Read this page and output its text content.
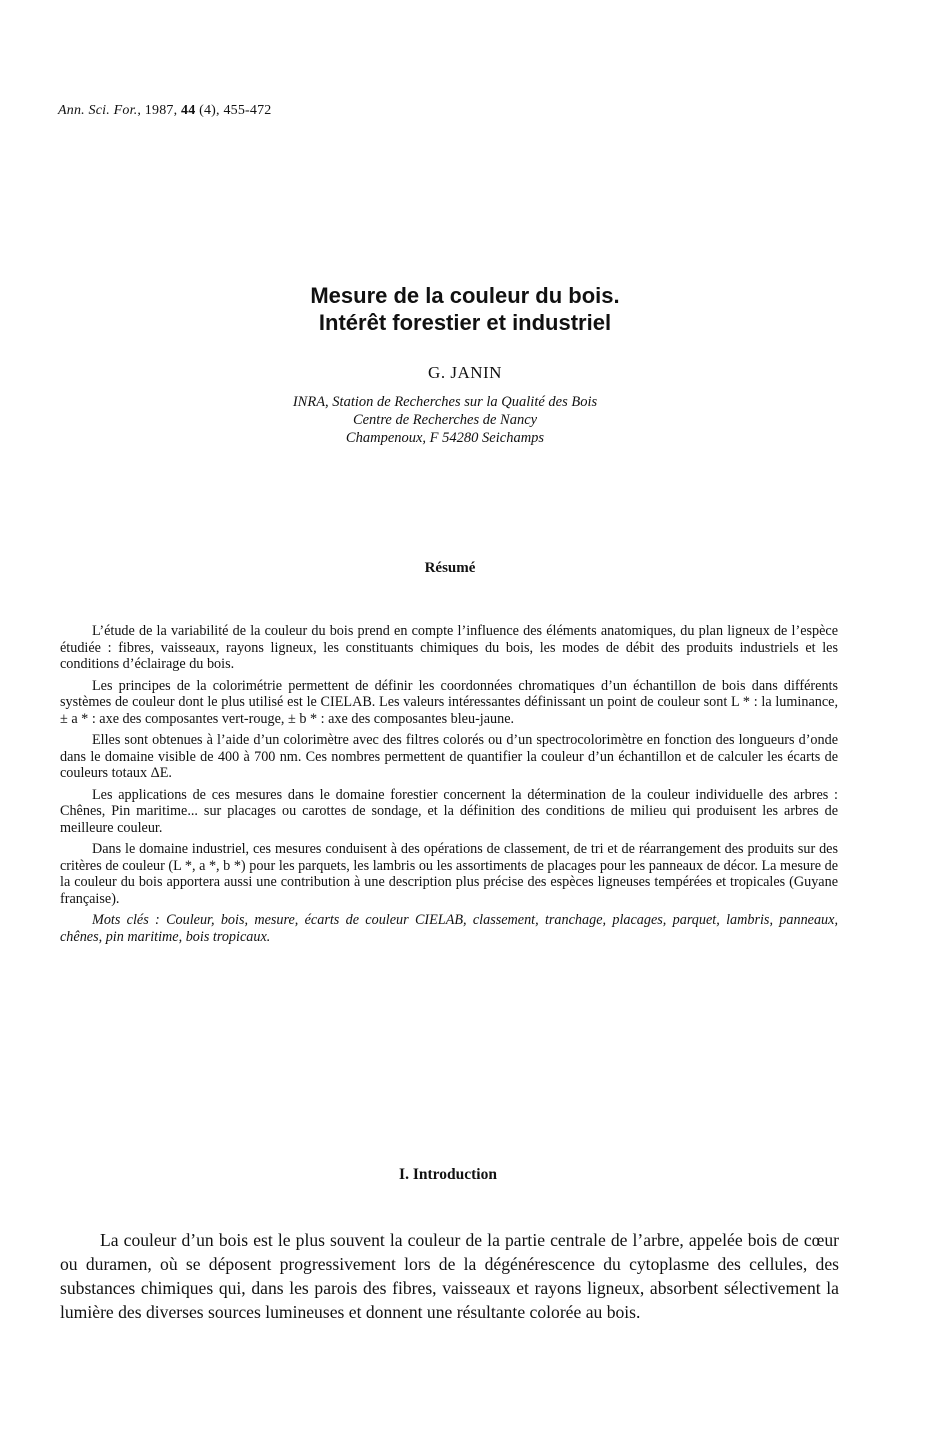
Ann. Sci. For., 1987, 44 (4), 455-472
Mesure de la couleur du bois.
Intérêt forestier et industriel
G. JANIN
INRA, Station de Recherches sur la Qualité des Bois
Centre de Recherches de Nancy
Champenoux, F 54280 Seichamps
Résumé

L’étude de la variabilité de la couleur du bois prend en compte l’influence des éléments anatomiques, du plan ligneux de l’espèce étudiée : fibres, vaisseaux, rayons ligneux, les constituants chimiques du bois, les modes de débit des produits industriels et les conditions d’éclairage du bois.

Les principes de la colorimétrie permettent de définir les coordonnées chromatiques d’un échantillon de bois dans différents systèmes de couleur dont le plus utilisé est le CIELAB. Les valeurs intéressantes définissant un point de couleur sont L * : la luminance, ± a * : axe des composantes vert-rouge, ± b * : axe des composantes bleu-jaune.

Elles sont obtenues à l’aide d’un colorimètre avec des filtres colorés ou d’un spectrocolorimètre en fonction des longueurs d’onde dans le domaine visible de 400 à 700 nm. Ces nombres permettent de quantifier la couleur d’un échantillon et de calculer les écarts de couleurs totaux ΔE.

Les applications de ces mesures dans le domaine forestier concernent la détermination de la couleur individuelle des arbres : Chênes, Pin maritime... sur placages ou carottes de sondage, et la définition des conditions de milieu qui produisent les arbres de meilleure couleur.

Dans le domaine industriel, ces mesures conduisent à des opérations de classement, de tri et de réarrangement des produits sur des critères de couleur (L *, a *, b *) pour les parquets, les lambris ou les assortiments de placages pour les panneaux de décor. La mesure de la couleur du bois apportera aussi une contribution à une description plus précise des espèces ligneuses tempérées et tropicales (Guyane française).

Mots clés : Couleur, bois, mesure, écarts de couleur CIELAB, classement, tranchage, placages, parquet, lambris, panneaux, chênes, pin maritime, bois tropicaux.

I. Introduction

La couleur d’un bois est le plus souvent la couleur de la partie centrale de l’arbre, appelée bois de cœur ou duramen, où se déposent progressivement lors de la dégénérescence du cytoplasme des cellules, des substances chimiques qui, dans les parois des fibres, vaisseaux et rayons ligneux, absorbent sélectivement la lumière des diverses sources lumineuses et donnent une résultante colorée au bois.
